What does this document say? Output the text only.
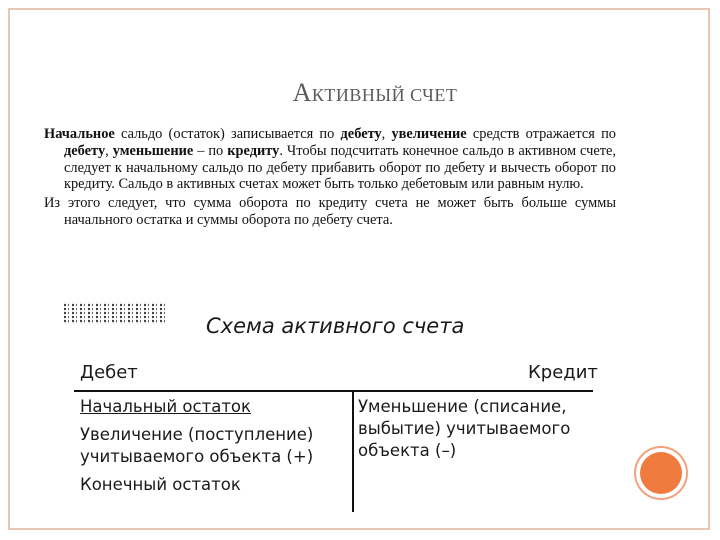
АКТИВНЫЙ СЧЕТ

Начальное сальдо (остаток) записывается по дебету, увеличение средств отражается по дебету, уменьшение – по кредиту. Чтобы подсчитать конечное сальдо в активном счете, следует к начальному сальдо по дебету прибавить оборот по дебету и вычесть оборот по кредиту. Сальдо в активных счетах может быть только дебетовым или равным нулю.

Из этого следует, что сумма оборота по кредиту счета не может быть больше суммы начального остатка и суммы оборота по дебету счета.

Схема активного счета
Дебет	Кредит
Начальный остаток
Увеличение (поступление)
учитываемого объекта (+)
Конечный остаток
Уменьшение (списание,
выбытие) учитываемого
объекта (–)
